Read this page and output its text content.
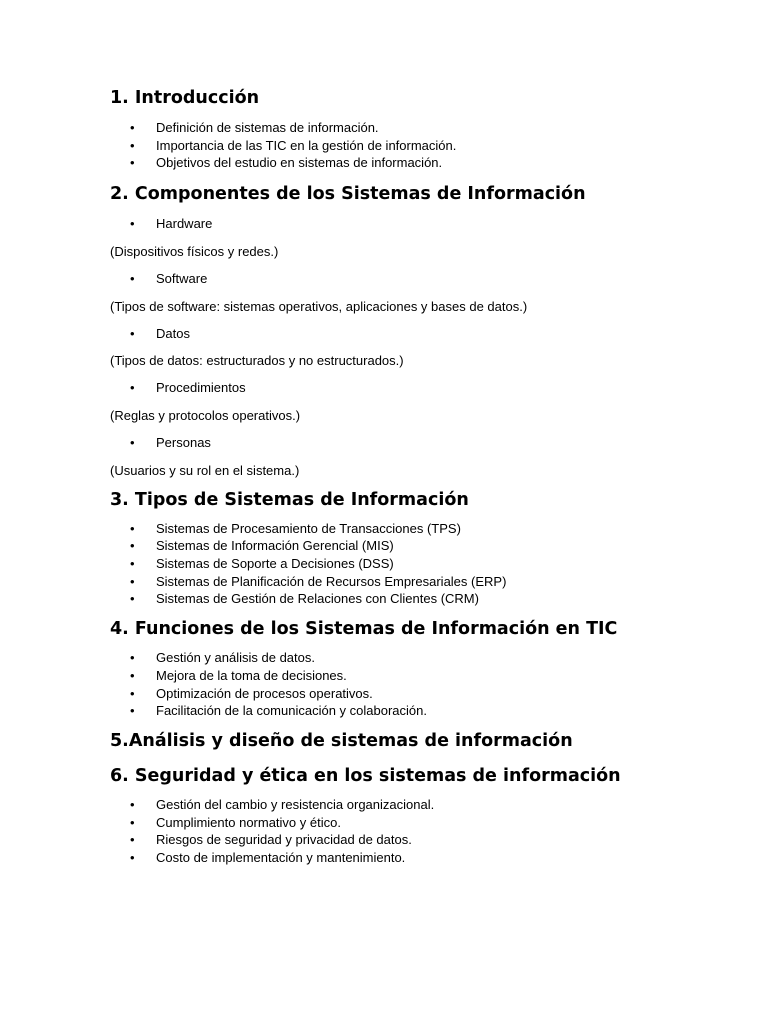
1. Introducción
• Definición de sistemas de información.
• Importancia de las TIC en la gestión de información.
• Objetivos del estudio en sistemas de información.
2. Componentes de los Sistemas de Información
• Hardware

(Dispositivos físicos y redes.)

• Software

(Tipos de software: sistemas operativos, aplicaciones y bases de datos.)

• Datos

(Tipos de datos: estructurados y no estructurados.)

• Procedimientos

(Reglas y protocolos operativos.)

• Personas

(Usuarios y su rol en el sistema.)

3. Tipos de Sistemas de Información
• Sistemas de Procesamiento de Transacciones (TPS)
• Sistemas de Información Gerencial (MIS)
• Sistemas de Soporte a Decisiones (DSS)
• Sistemas de Planificación de Recursos Empresariales (ERP)
• Sistemas de Gestión de Relaciones con Clientes (CRM)
4. Funciones de los Sistemas de Información en TIC
• Gestión y análisis de datos.
• Mejora de la toma de decisiones.
• Optimización de procesos operativos.
• Facilitación de la comunicación y colaboración.
5.Análisis y diseño de sistemas de información
6. Seguridad y ética en los sistemas de información
• Gestión del cambio y resistencia organizacional.
• Cumplimiento normativo y ético.
• Riesgos de seguridad y privacidad de datos.
• Costo de implementación y mantenimiento.
